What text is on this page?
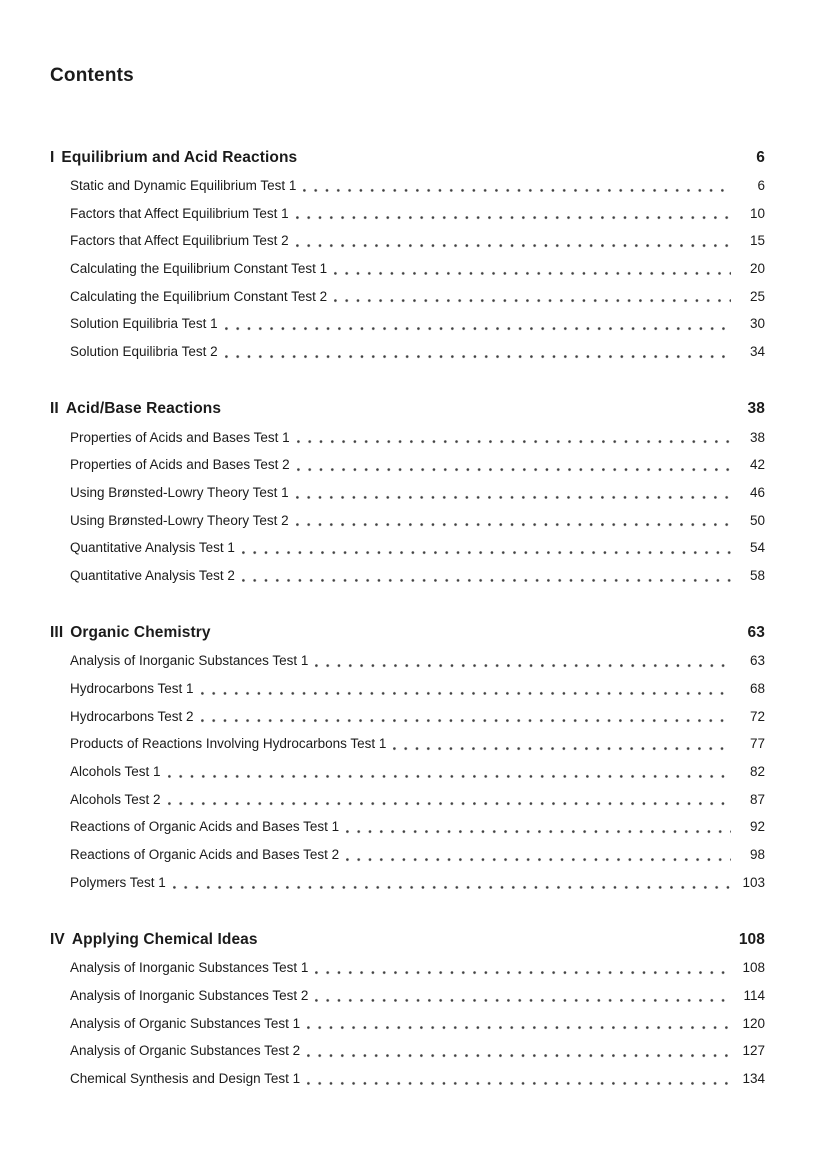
Contents
I Equilibrium and Acid Reactions	6
Static and Dynamic Equilibrium Test 1	6
Factors that Affect Equilibrium Test 1	10
Factors that Affect Equilibrium Test 2	15
Calculating the Equilibrium Constant Test 1	20
Calculating the Equilibrium Constant Test 2	25
Solution Equilibria Test 1	30
Solution Equilibria Test 2	34
II Acid/Base Reactions	38
Properties of Acids and Bases Test 1	38
Properties of Acids and Bases Test 2	42
Using Brønsted-Lowry Theory Test 1	46
Using Brønsted-Lowry Theory Test 2	50
Quantitative Analysis Test 1	54
Quantitative Analysis Test 2	58
III Organic Chemistry	63
Analysis of Inorganic Substances Test 1	63
Hydrocarbons Test 1	68
Hydrocarbons Test 2	72
Products of Reactions Involving Hydrocarbons Test 1	77
Alcohols Test 1	82
Alcohols Test 2	87
Reactions of Organic Acids and Bases Test 1	92
Reactions of Organic Acids and Bases Test 2	98
Polymers Test 1	103
IV Applying Chemical Ideas	108
Analysis of Inorganic Substances Test 1	108
Analysis of Inorganic Substances Test 2	114
Analysis of Organic Substances Test 1	120
Analysis of Organic Substances Test 2	127
Chemical Synthesis and Design Test 1	134
